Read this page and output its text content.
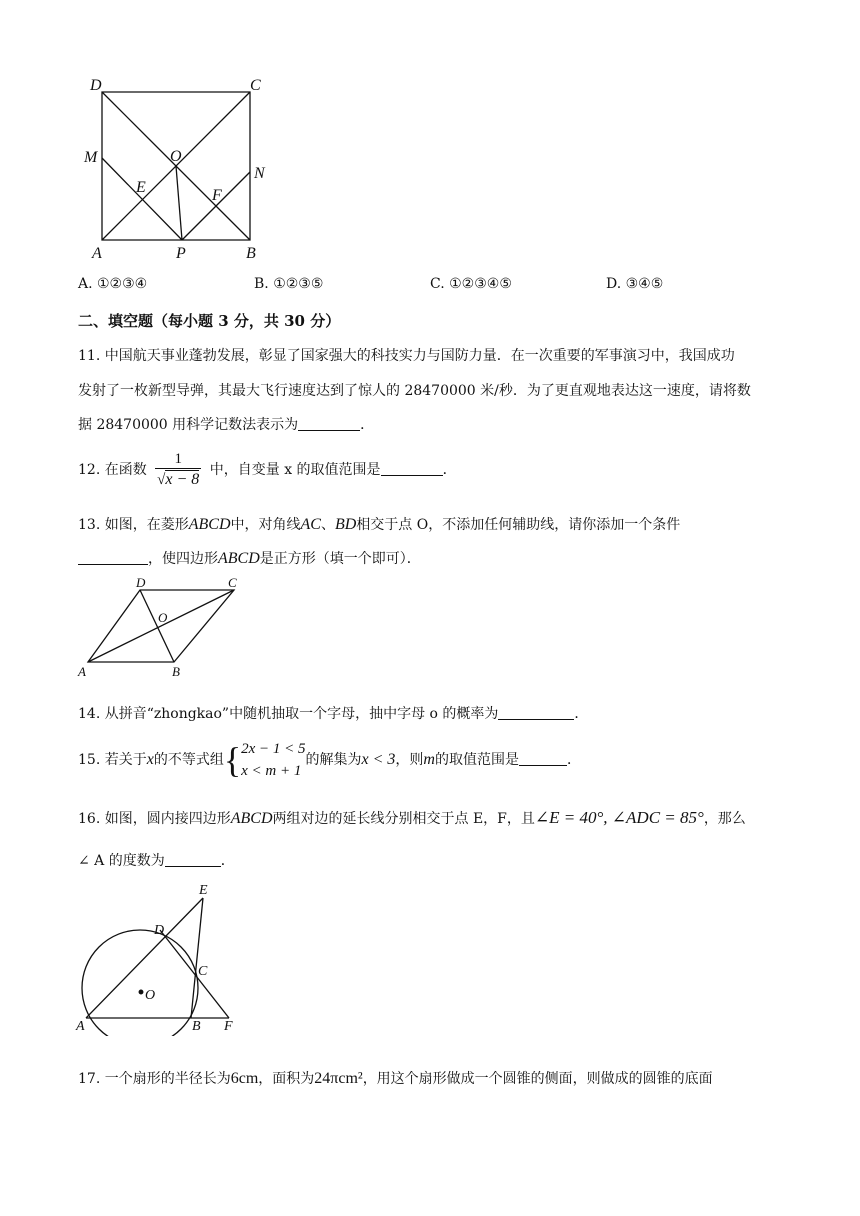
D	C
M	O
N
E	F
A	P	B
A. ①②③④	B. ①②③⑤	C. ①②③④⑤	D. ③④⑤
二、填空题（每小题 3 分，共 30 分）
11. 中国航天事业蓬勃发展，彰显了国家强大的科技实力与国防力量．在一次重要的军事演习中，我国成功
发射了一枚新型导弹，其最大飞行速度达到了惊人的 28470000 米/秒．为了更直观地表达这一速度，请将数
据 28470000 用科学记数法表示为	．
12. 在函数 $\frac{1}{√x - 8}$ 中，自变量 x 的取值范围是	．
13. 如图，在菱形ABCD中，对角线AC、BD相交于点 O，不添加任何辅助线，请你添加一个条件
，使四边形ABCD是正方形（填一个即可）．
D	C
O
A	B
14. 从拼音“zhongkao”中随机抽取一个字母，抽中字母 o 的概率为	．
15. 若关于x的不等式组{ 2x − 1 < 5
x < m + 1
的解集为x < 3，则m的取值范围是	．
16. 如图，圆内接四边形ABCD两组对边的延长线分别相交于点 E，F，且∠E = 40°, ∠ADC = 85°，那么
∠ A 的度数为	．
E
D
C
O
A	B F
17. 一个扇形的半径长为6cm，面积为24πcm²，用这个扇形做成一个圆锥的侧面，则做成的圆锥的底面
